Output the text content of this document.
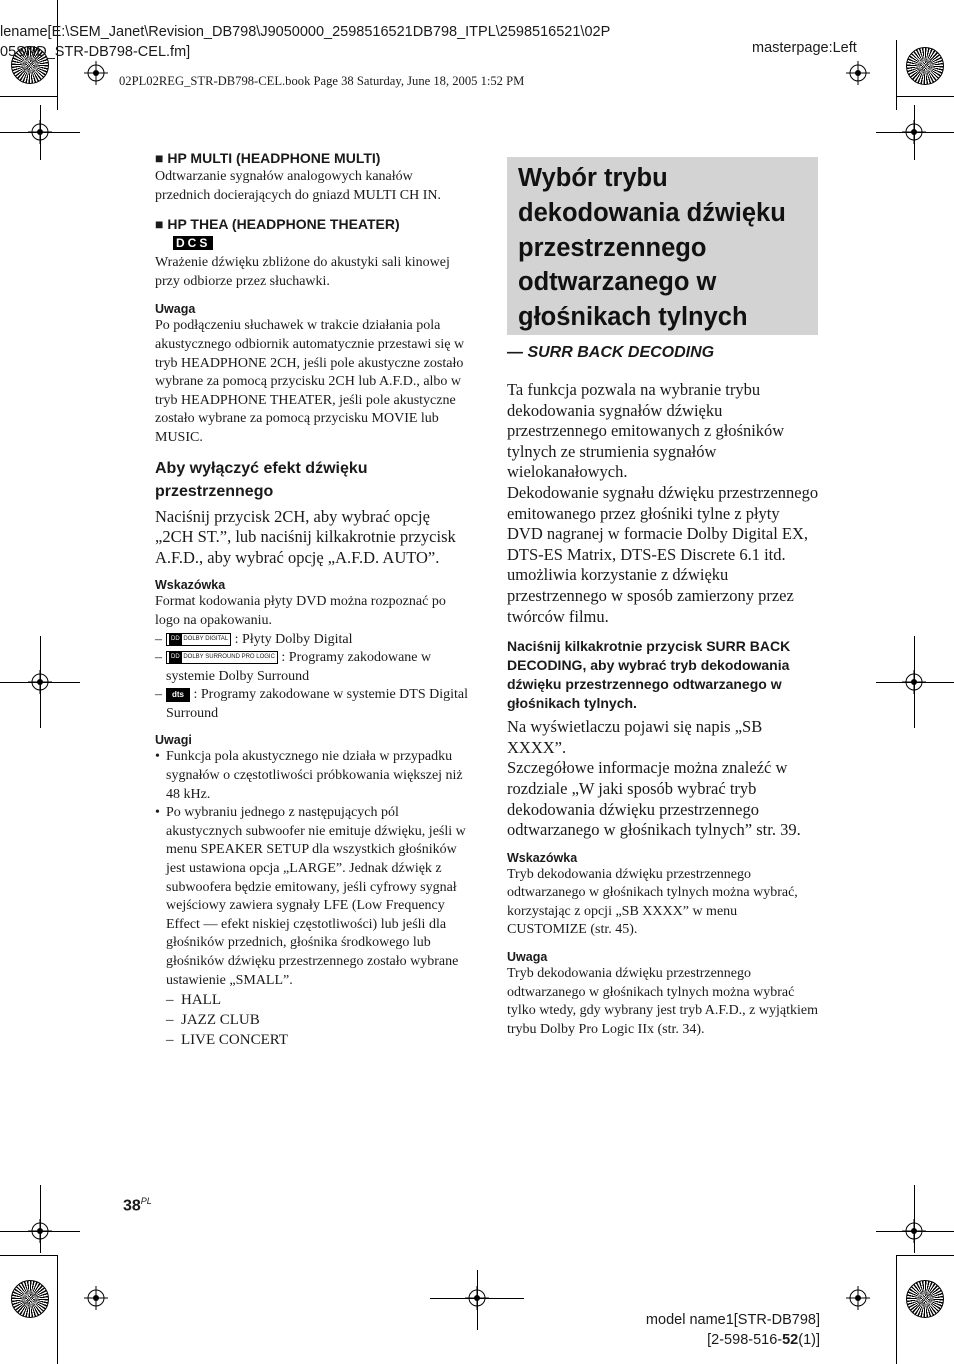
lename[E:\SEM_Janet\Revision_DB798\J9050000_2598516521DB798_ITPL\2598516521\02P
05SND_STR-DB798-CEL.fm]	masterpage:Left
02PL02REG_STR-DB798-CEL.book Page 38 Saturday, June 18, 2005 1:52 PM

■ HP MULTI (HEADPHONE MULTI)

Odtwarzanie sygnałów analogowych kanałów przednich docierających do gniazd MULTI CH IN.

■ HP THEA (HEADPHONE THEATER)

DCS

Wrażenie dźwięku zbliżone do akustyki sali kinowej przy odbiorze przez słuchawki.

Uwaga

Po podłączeniu słuchawek w trakcie działania pola akustycznego odbiornik automatycznie przestawi się w tryb HEADPHONE 2CH, jeśli pole akustyczne zostało wybrane za pomocą przycisku 2CH lub A.F.D., albo w tryb HEADPHONE THEATER, jeśli pole akustyczne zostało wybrane za pomocą przycisku MOVIE lub MUSIC.

Aby wyłączyć efekt dźwięku przestrzennego

Naciśnij przycisk 2CH, aby wybrać opcję „2CH ST.”, lub naciśnij kilkakrotnie przycisk A.F.D., aby wybrać opcję „A.F.D. AUTO”.

Wskazówka

Format kodowania płyty DVD można rozpoznać po logo na opakowaniu.

–	DD DOLBY DIGITAL : Płyty Dolby Digital
–	DD DOLBY SURROUND PRO LOGIC : Programy zakodowane w systemie Dolby Surround
–	dts : Programy zakodowane w systemie DTS Digital Surround

Uwagi

• Funkcja pola akustycznego nie działa w przypadku sygnałów o częstotliwości próbkowania większej niż 48 kHz.
• Po wybraniu jednego z następujących pól akustycznych subwoofer nie emituje dźwięku, jeśli w menu SPEAKER SETUP dla wszystkich głośników jest ustawiona opcja „LARGE”. Jednak dźwięk z subwoofera będzie emitowany, jeśli cyfrowy sygnał wejściowy zawiera sygnały LFE (Low Frequency Effect — efekt niskiej częstotliwości) lub jeśli dla głośników przednich, głośnika środkowego lub głośników dźwięku przestrzennego zostało wybrane ustawienie „SMALL”.
–  HALL
–  JAZZ CLUB
–  LIVE CONCERT
Wybór trybu
dekodowania dźwięku
przestrzennego
odtwarzanego w
głośnikach tylnych

— SURR BACK DECODING

Ta funkcja pozwala na wybranie trybu dekodowania sygnałów dźwięku przestrzennego emitowanych z głośników tylnych ze strumienia sygnałów wielokanałowych.

Dekodowanie sygnału dźwięku przestrzennego emitowanego przez głośniki tylne z płyty DVD nagranej w formacie Dolby Digital EX, DTS-ES Matrix, DTS-ES Discrete 6.1 itd. umożliwia korzystanie z dźwięku przestrzennego w sposób zamierzony przez twórców filmu.

Naciśnij kilkakrotnie przycisk SURR BACK DECODING, aby wybrać tryb dekodowania dźwięku przestrzennego odtwarzanego w głośnikach tylnych.

Na wyświetlaczu pojawi się napis „SB XXXX”.

Szczegółowe informacje można znaleźć w rozdziale „W jaki sposób wybrać tryb dekodowania dźwięku przestrzennego odtwarzanego w głośnikach tylnych” str. 39.

Wskazówka

Tryb dekodowania dźwięku przestrzennego odtwarzanego w głośnikach tylnych można wybrać, korzystając z opcji „SB XXXX” w menu CUSTOMIZE (str. 45).

Uwaga

Tryb dekodowania dźwięku przestrzennego odtwarzanego w głośnikach tylnych można wybrać tylko wtedy, gdy wybrany jest tryb A.F.D., z wyjątkiem trybu Dolby Pro Logic IIx (str. 34).

$38^{PL}$
model name1[STR-DB798]
[2-598-516-52(1)]
